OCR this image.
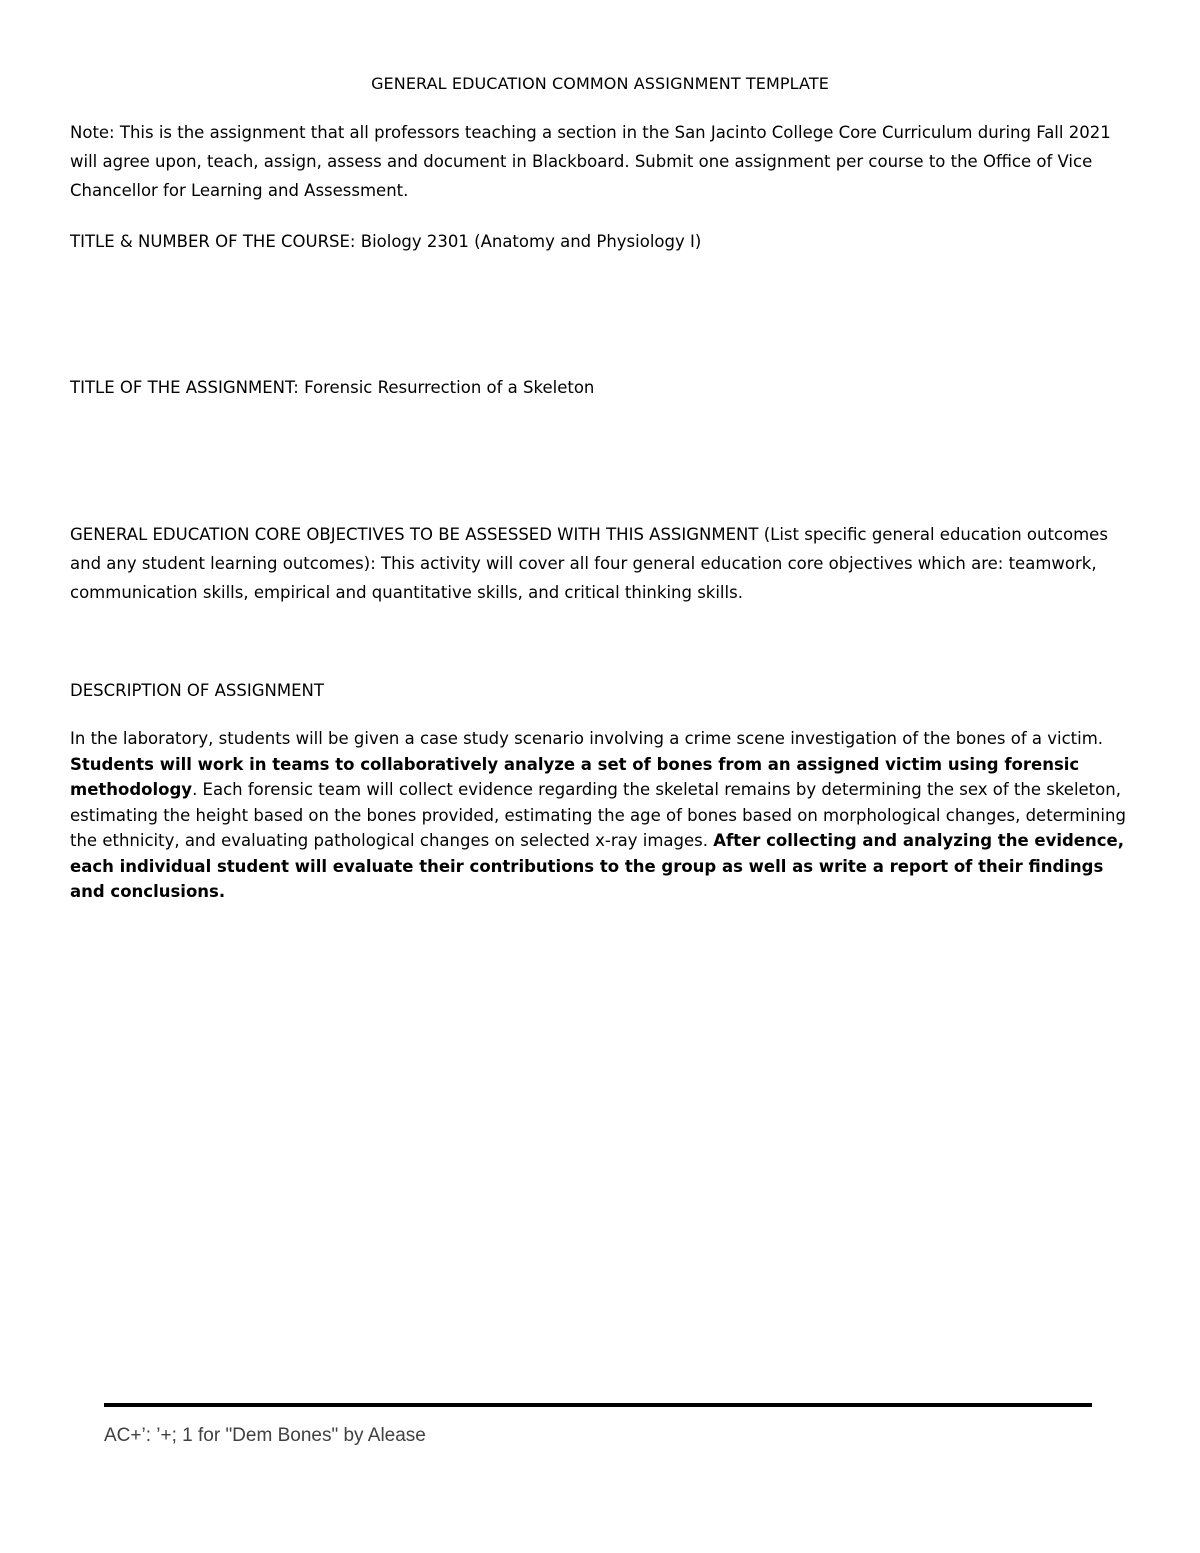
GENERAL EDUCATION COMMON ASSIGNMENT TEMPLATE
Note: This is the assignment that all professors teaching a section in the San Jacinto College Core Curriculum during Fall 2021 will agree upon, teach, assign, assess and document in Blackboard. Submit one assignment per course to the Office of Vice Chancellor for Learning and Assessment.
TITLE & NUMBER OF THE COURSE: Biology 2301 (Anatomy and Physiology I)
TITLE OF THE ASSIGNMENT: Forensic Resurrection of a Skeleton
GENERAL EDUCATION CORE OBJECTIVES TO BE ASSESSED WITH THIS ASSIGNMENT (List specific general education outcomes and any student learning outcomes): This activity will cover all four general education core objectives which are: teamwork, communication skills, empirical and quantitative skills, and critical thinking skills.
DESCRIPTION OF ASSIGNMENT
In the laboratory, students will be given a case study scenario involving a crime scene investigation of the bones of a victim. Students will work in teams to collaboratively analyze a set of bones from an assigned victim using forensic methodology. Each forensic team will collect evidence regarding the skeletal remains by determining the sex of the skeleton, estimating the height based on the bones provided, estimating the age of bones based on morphological changes, determining the ethnicity, and evaluating pathological changes on selected x-ray images. After collecting and analyzing the evidence, each individual student will evaluate their contributions to the group as well as write a report of their findings and conclusions.
AC+’: ’+; 1 for "Dem Bones" by Alease
